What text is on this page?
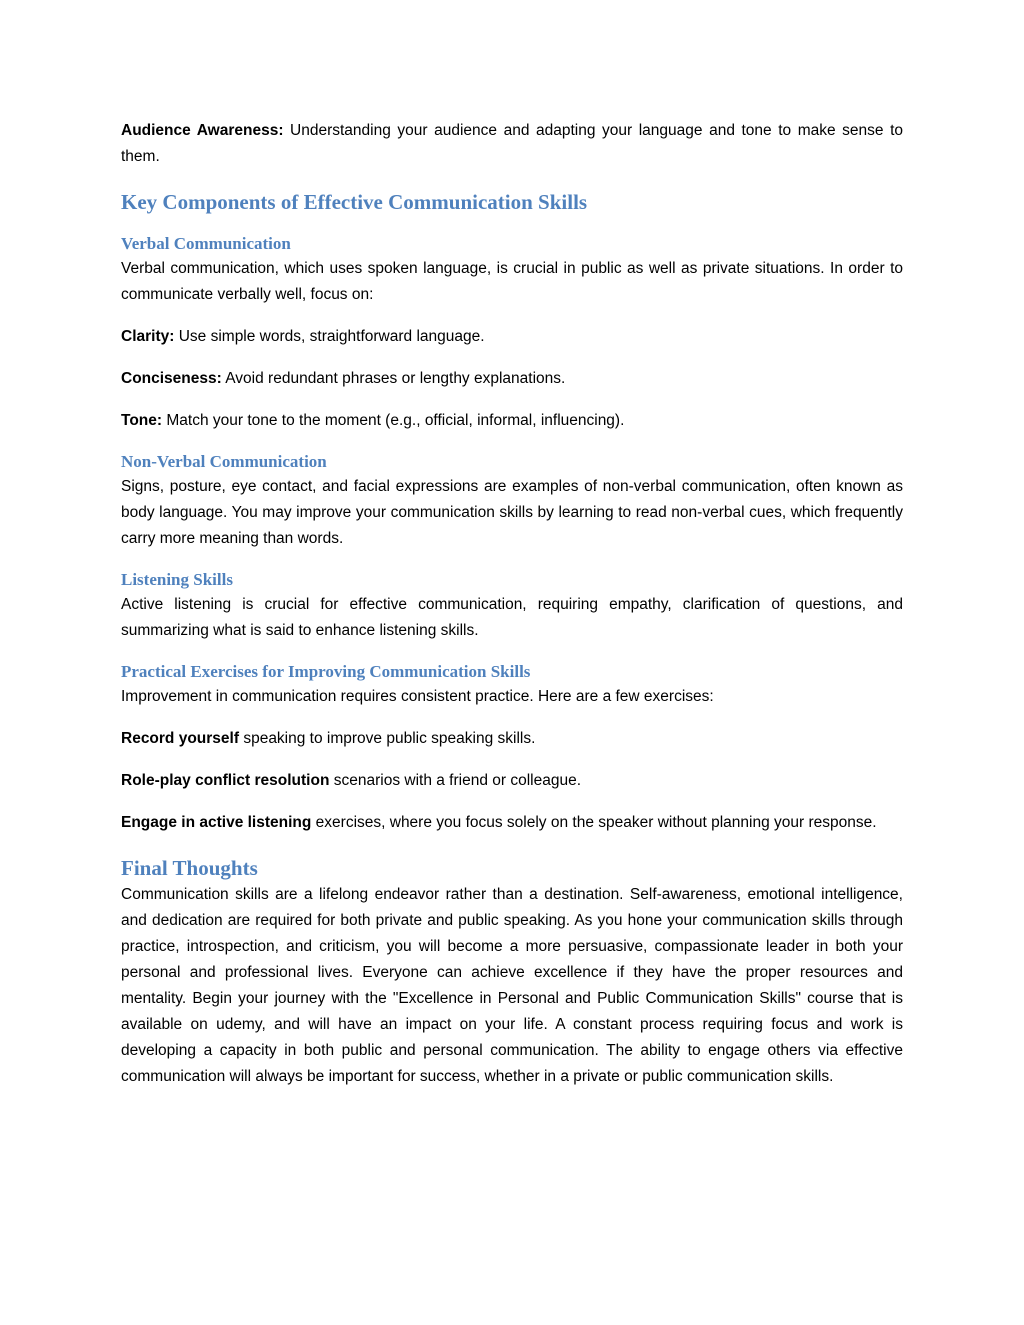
Audience Awareness: Understanding your audience and adapting your language and tone to make sense to them.

Key Components of Effective Communication Skills
Verbal Communication

Verbal communication, which uses spoken language, is crucial in public as well as private situations. In order to communicate verbally well, focus on:

Clarity: Use simple words, straightforward language.

Conciseness: Avoid redundant phrases or lengthy explanations.

Tone: Match your tone to the moment (e.g., official, informal, influencing).

Non-Verbal Communication

Signs, posture, eye contact, and facial expressions are examples of non-verbal communication, often known as body language. You may improve your communication skills by learning to read non-verbal cues, which frequently carry more meaning than words.

Listening Skills

Active listening is crucial for effective communication, requiring empathy, clarification of questions, and summarizing what is said to enhance listening skills.

Practical Exercises for Improving Communication Skills

Improvement in communication requires consistent practice. Here are a few exercises:

Record yourself speaking to improve public speaking skills.

Role-play conflict resolution scenarios with a friend or colleague.

Engage in active listening exercises, where you focus solely on the speaker without planning your response.

Final Thoughts

Communication skills are a lifelong endeavor rather than a destination. Self-awareness, emotional intelligence, and dedication are required for both private and public speaking. As you hone your communication skills through practice, introspection, and criticism, you will become a more persuasive, compassionate leader in both your personal and professional lives. Everyone can achieve excellence if they have the proper resources and mentality. Begin your journey with the "Excellence in Personal and Public Communication Skills" course that is available on udemy, and will have an impact on your life. A constant process requiring focus and work is developing a capacity in both public and personal communication. The ability to engage others via effective communication will always be important for success, whether in a private or public communication skills.
